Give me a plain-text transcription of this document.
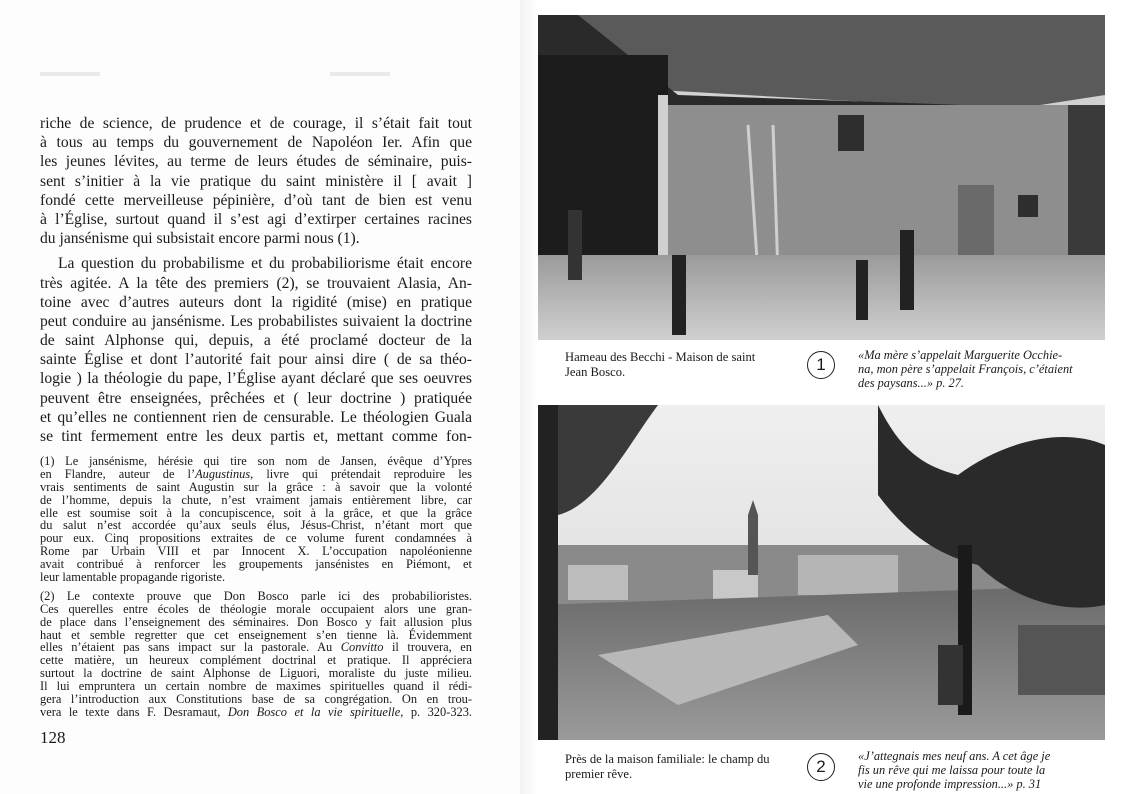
riche de science, de prudence et de courage, il s’était fait tout
à tous au temps du gouvernement de Napoléon Ier. Afin que
les jeunes lévites, au terme de leurs études de séminaire, puis-
sent s’initier à la vie pratique du saint ministère il [ avait ]
fondé cette merveilleuse pépinière, d’où tant de bien est venu
à l’Église, surtout quand il s’est agi d’extirper certaines racines
du jansénisme qui subsistait encore parmi nous (1).
La question du probabilisme et du probabiliorisme était encore
très agitée. A la tête des premiers (2), se trouvaient Alasia, An-
toine avec d’autres auteurs dont la rigidité (mise) en pratique
peut conduire au jansénisme. Les probabilistes suivaient la doctrine
de saint Alphonse qui, depuis, a été proclamé docteur de la
sainte Église et dont l’autorité fait pour ainsi dire ( de sa théo-
logie ) la théologie du pape, l’Église ayant déclaré que ses oeuvres
peuvent être enseignées, prêchées et ( leur doctrine ) pratiquée
et qu’elles ne contiennent rien de censurable. Le théologien Guala
se tint fermement entre les deux partis et, mettant comme fon-
(1) Le jansénisme, hérésie qui tire son nom de Jansen, évêque d’Ypres
en Flandre, auteur de l’Augustinus, livre qui prétendait reproduire les
vrais sentiments de saint Augustin sur la grâce : à savoir que la volonté
de l’homme, depuis la chute, n’est vraiment jamais entièrement libre, car
elle est soumise soit à la concupiscence, soit à la grâce, et que la grâce
du salut n’est accordée qu’aux seuls élus, Jésus-Christ, n’étant mort que
pour eux. Cinq propositions extraites de ce volume furent condamnées à
Rome par Urbain VIII et par Innocent X. L’occupation napoléonienne
avait contribué à renforcer les groupements jansénistes en Piémont, et
leur lamentable propagande rigoriste.
(2) Le contexte prouve que Don Bosco parle ici des probabilioristes.
Ces querelles entre écoles de théologie morale occupaient alors une gran-
de place dans l’enseignement des séminaires. Don Bosco y fait allusion plus
haut et semble regretter que cet enseignement s’en tienne là. Évidemment
elles n’étaient pas sans impact sur la pastorale. Au Convitto il trouvera, en
cette matière, un heureux complément doctrinal et pratique. Il appréciera
surtout la doctrine de saint Alphonse de Liguori, moraliste du juste milieu.
Il lui empruntera un certain nombre de maximes spirituelles quand il rédi-
gera l’introduction aux Constitutions base de sa congrégation. On en trou-
vera le texte dans F. Desramaut, Don Bosco et la vie spirituelle, p. 320-323.
128
Hameau des Becchi - Maison de saint
Jean Bosco.	1	«Ma mère s’appelait Marguerite Occhie-
na, mon père s’appelait François, c’étaient
des paysans...» p. 27.
Près de la maison familiale: le champ du
premier rêve.	2
«J’attegnais mes neuf ans. A cet âge je
fis un rêve qui me laissa pour toute la
vie une profonde impression...» p. 31
